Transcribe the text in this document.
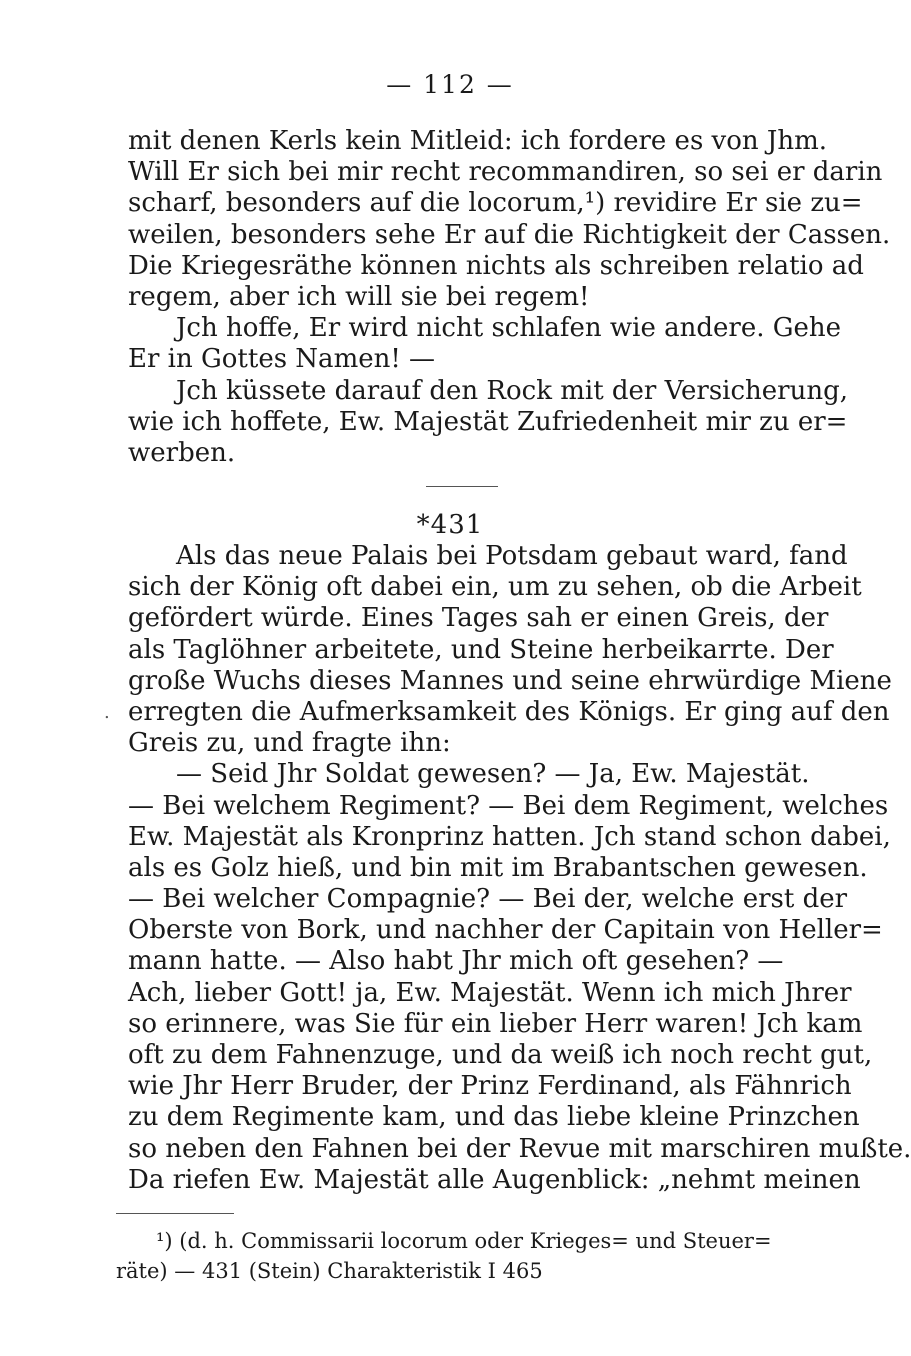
— 112 —
mit denen Kerls kein Mitleid: ich fordere es von Jhm.
Will Er sich bei mir recht recommandiren, so sei er darin
scharf, besonders auf die locorum,¹) revidire Er sie zu=
weilen, besonders sehe Er auf die Richtigkeit der Cassen.
Die Kriegesräthe können nichts als schreiben relatio ad
regem, aber ich will sie bei regem!
Jch hoffe, Er wird nicht schlafen wie andere. Gehe
Er in Gottes Namen! —
Jch küssete darauf den Rock mit der Versicherung,
wie ich hoffete, Ew. Majestät Zufriedenheit mir zu er=
werben.
*431
Als das neue Palais bei Potsdam gebaut ward, fand
sich der König oft dabei ein, um zu sehen, ob die Arbeit
gefördert würde. Eines Tages sah er einen Greis, der
als Taglöhner arbeitete, und Steine herbeikarrte. Der
große Wuchs dieses Mannes und seine ehrwürdige Miene
erregten die Aufmerksamkeit des Königs. Er ging auf den
Greis zu, und fragte ihn:
— Seid Jhr Soldat gewesen? — Ja, Ew. Majestät.
— Bei welchem Regiment? — Bei dem Regiment, welches
Ew. Majestät als Kronprinz hatten. Jch stand schon dabei,
als es Golz hieß, und bin mit im Brabantschen gewesen.
— Bei welcher Compagnie? — Bei der, welche erst der
Oberste von Bork, und nachher der Capitain von Heller=
mann hatte. — Also habt Jhr mich oft gesehen? —
Ach, lieber Gott! ja, Ew. Majestät. Wenn ich mich Jhrer
so erinnere, was Sie für ein lieber Herr waren! Jch kam
oft zu dem Fahnenzuge, und da weiß ich noch recht gut,
wie Jhr Herr Bruder, der Prinz Ferdinand, als Fähnrich
zu dem Regimente kam, und das liebe kleine Prinzchen
so neben den Fahnen bei der Revue mit marschiren mußte.
Da riefen Ew. Majestät alle Augenblick: „nehmt meinen
.
¹) (d. h. Commissarii locorum oder Krieges= und Steuer=
räte) — 431 (Stein) Charakteristik I 465
